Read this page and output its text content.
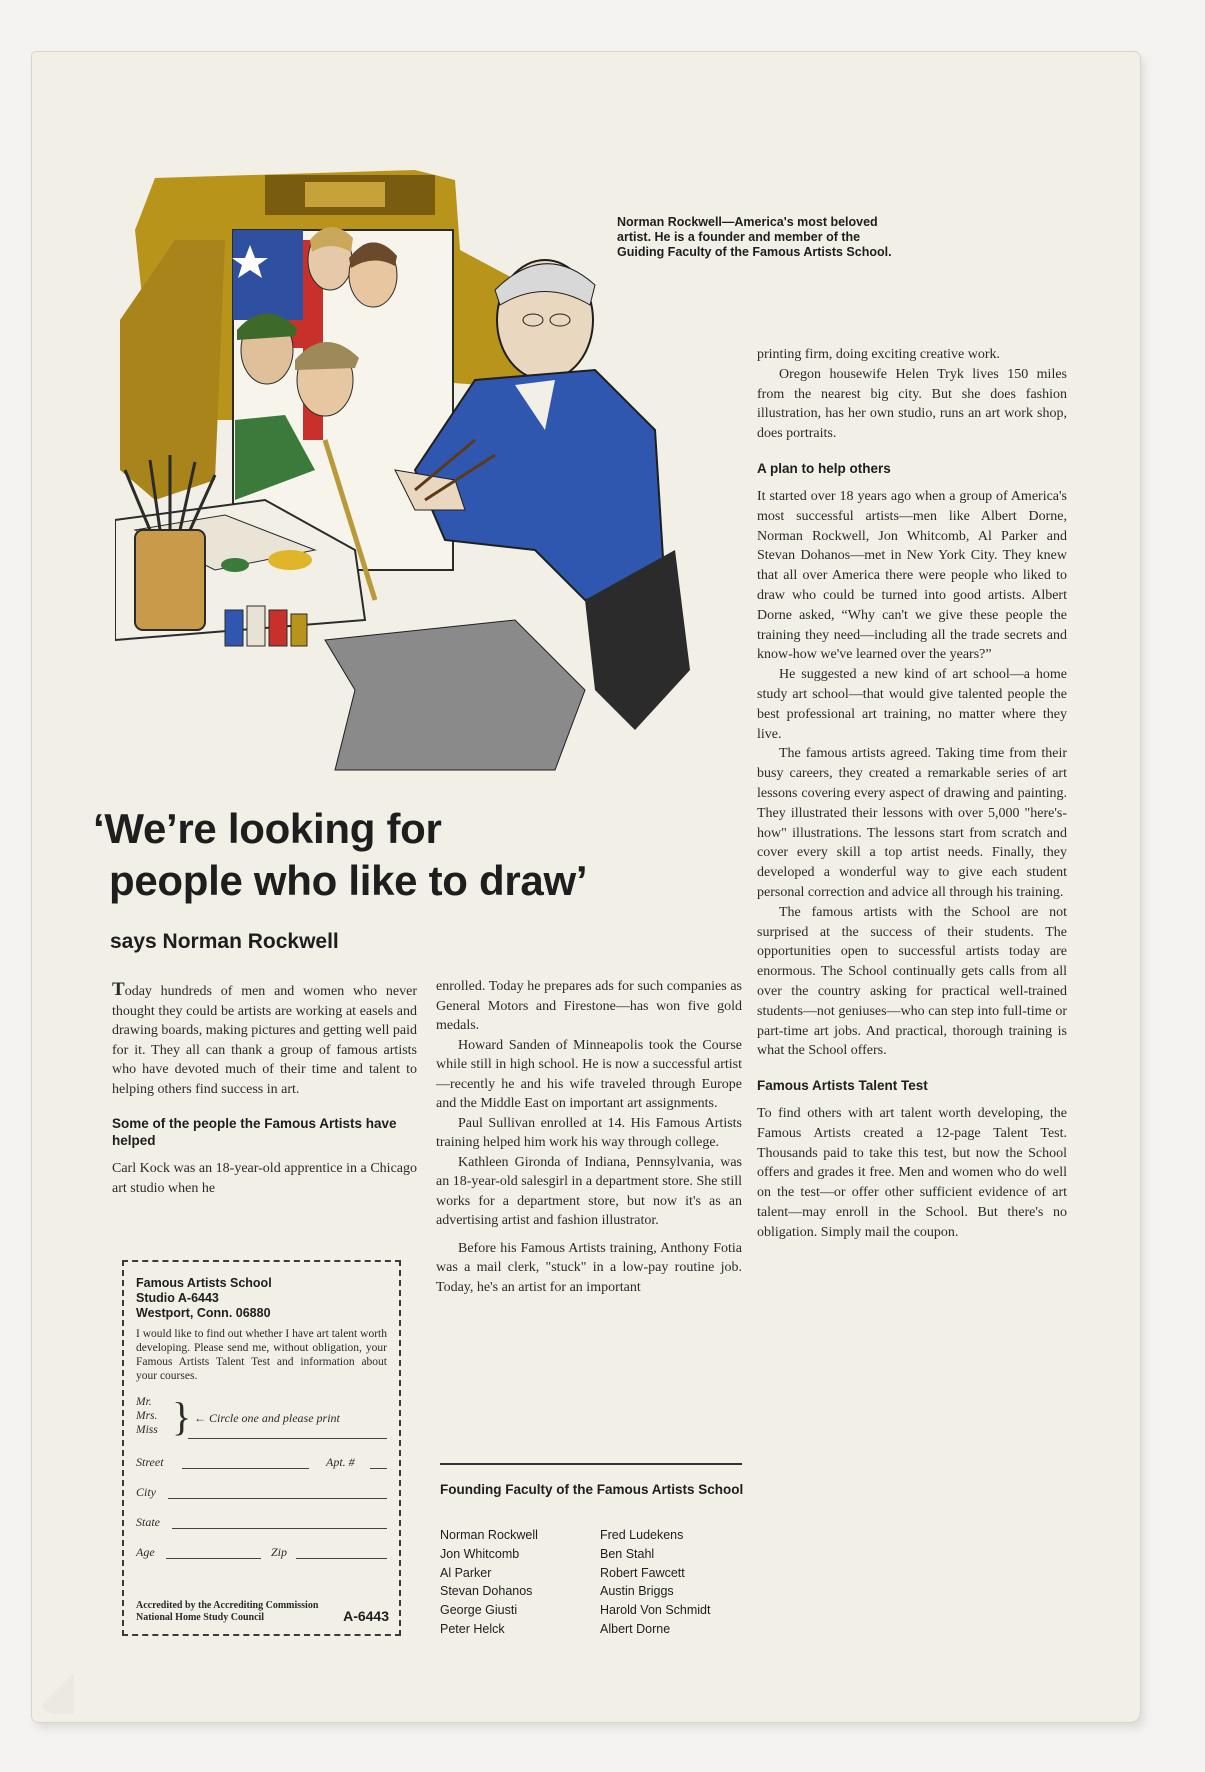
Norman Rockwell—America's most beloved artist. He is a founder and member of the Guiding Faculty of the Famous Artists School.

‘We’re looking for
people who like to draw’
says Norman Rockwell

Today hundreds of men and women who never thought they could be artists are working at easels and drawing boards, making pictures and getting well paid for it. They all can thank a group of famous artists who have devoted much of their time and talent to helping others find success in art.

Some of the people the Famous Artists have helped

Carl Kock was an 18-year-old apprentice in a Chicago art studio when he

enrolled. Today he prepares ads for such companies as General Motors and Firestone—has won five gold medals.

Howard Sanden of Minneapolis took the Course while still in high school. He is now a successful artist—recently he and his wife traveled through Europe and the Middle East on important art assignments.

Paul Sullivan enrolled at 14. His Famous Artists training helped him work his way through college.

Kathleen Gironda of Indiana, Pennsylvania, was an 18-year-old salesgirl in a department store. She still works for a department store, but now it's as an advertising artist and fashion illustrator.

Before his Famous Artists training, Anthony Fotia was a mail clerk, "stuck" in a low-pay routine job. Today, he's an artist for an important

printing firm, doing exciting creative work.

Oregon housewife Helen Tryk lives 150 miles from the nearest big city. But she does fashion illustration, has her own studio, runs an art work shop, does portraits.

A plan to help others

It started over 18 years ago when a group of America's most successful artists—men like Albert Dorne, Norman Rockwell, Jon Whitcomb, Al Parker and Stevan Dohanos—met in New York City. They knew that all over America there were people who liked to draw who could be turned into good artists. Albert Dorne asked, “Why can't we give these people the training they need—including all the trade secrets and know-how we've learned over the years?”

He suggested a new kind of art school—a home study art school—that would give talented people the best professional art training, no matter where they live.

The famous artists agreed. Taking time from their busy careers, they created a remarkable series of art lessons covering every aspect of drawing and painting. They illustrated their lessons with over 5,000 "here's-how" illustrations. The lessons start from scratch and cover every skill a top artist needs. Finally, they developed a wonderful way to give each student personal correction and advice all through his training.

The famous artists with the School are not surprised at the success of their students. The opportunities open to successful artists today are enormous. The School continually gets calls from all over the country asking for practical well-trained students—not geniuses—who can step into full-time or part-time art jobs. And practical, thorough training is what the School offers.

Famous Artists Talent Test

To find others with art talent worth developing, the Famous Artists created a 12-page Talent Test. Thousands paid to take this test, but now the School offers and grades it free. Men and women who do well on the test—or offer other sufficient evidence of art talent—may enroll in the School. But there's no obligation. Simply mail the coupon.

Famous Artists School
Studio A-6443
Westport, Conn. 06880

I would like to find out whether I have art talent worth developing. Please send me, without obligation, your Famous Artists Talent Test and information about your courses.

Mr.
Mrs.
Miss } ← Circle one and please print
Street	Apt. #
City
State
Age	Zip
Accredited by the Accrediting Commission National Home Study Council	A-6443
Founding Faculty of the Famous Artists School
Norman Rockwell
Jon Whitcomb
Al Parker
Stevan Dohanos
George Giusti
Peter Helck
Fred Ludekens
Ben Stahl
Robert Fawcett
Austin Briggs
Harold Von Schmidt
Albert Dorne
